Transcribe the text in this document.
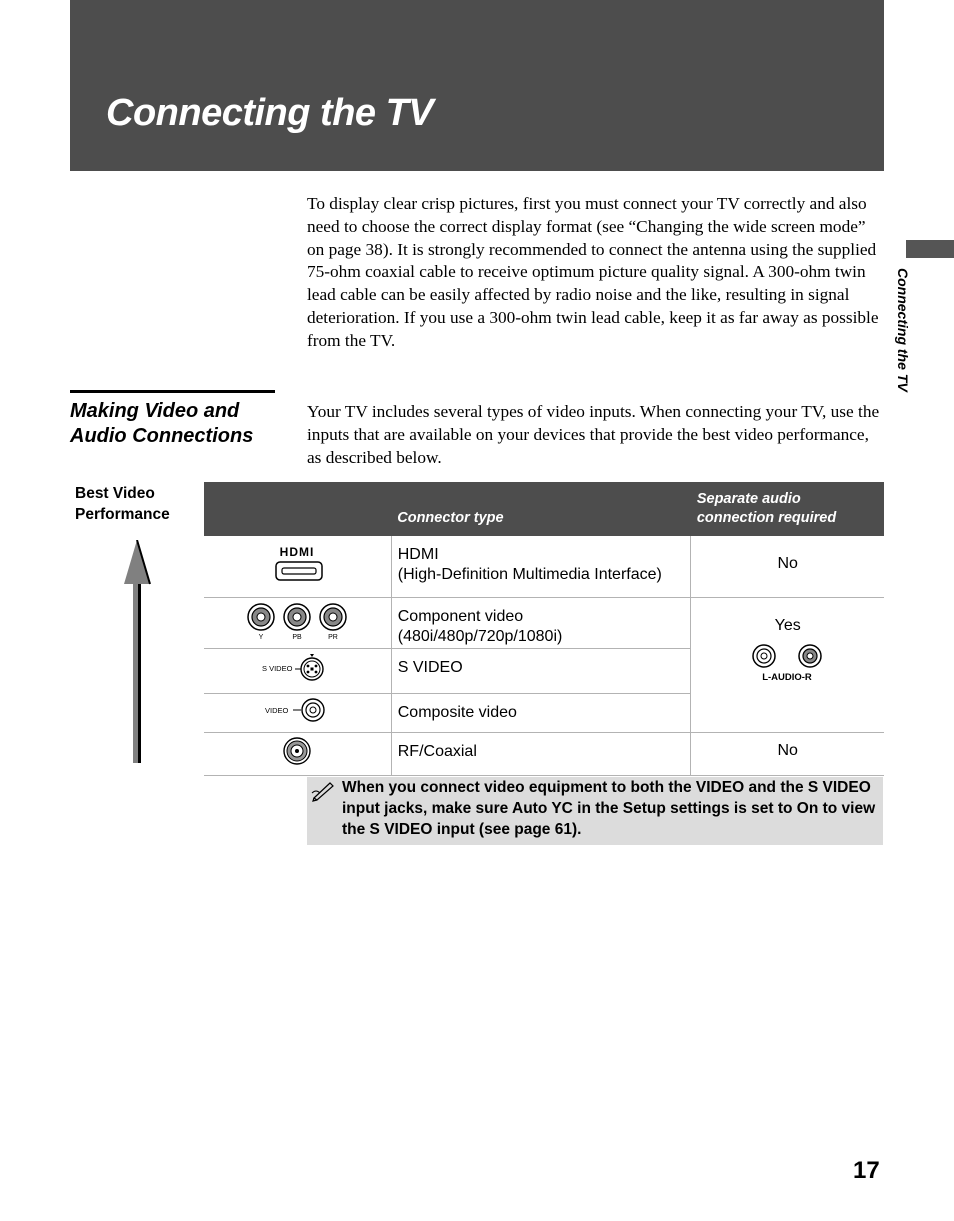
Connecting the TV
Connecting the TV

To display clear crisp pictures, first you must connect your TV correctly and also need to choose the correct display format (see “Changing the wide screen mode” on page 38). It is strongly recommended to connect the antenna using the supplied 75-ohm coaxial cable to receive optimum picture quality signal. A 300-ohm twin lead cable can be easily affected by radio noise and the like, resulting in signal deterioration. If you use a 300-ohm twin lead cable, keep it as far away as possible from the TV.

Making Video and
Audio Connections

Your TV includes several types of video inputs. When connecting your TV, use the inputs that are available on your devices that provide the best video performance, as described below.

Best Video
Performance
		Connector type	Separate audio
connection required

HDMI	HDMI
(High-Definition Multimedia Interface)	No

Y PB PR	Component video
(480i/480p/720p/1080i)	Yes
L-AUDIO-R

S VIDEO	S VIDEO	

VIDEO	Composite video	
	RF/Coaxial	No

When you connect video equipment to both the VIDEO and the S VIDEO input jacks, make sure Auto YC in the Setup settings is set to On to view the S VIDEO input (see page 61).

17
